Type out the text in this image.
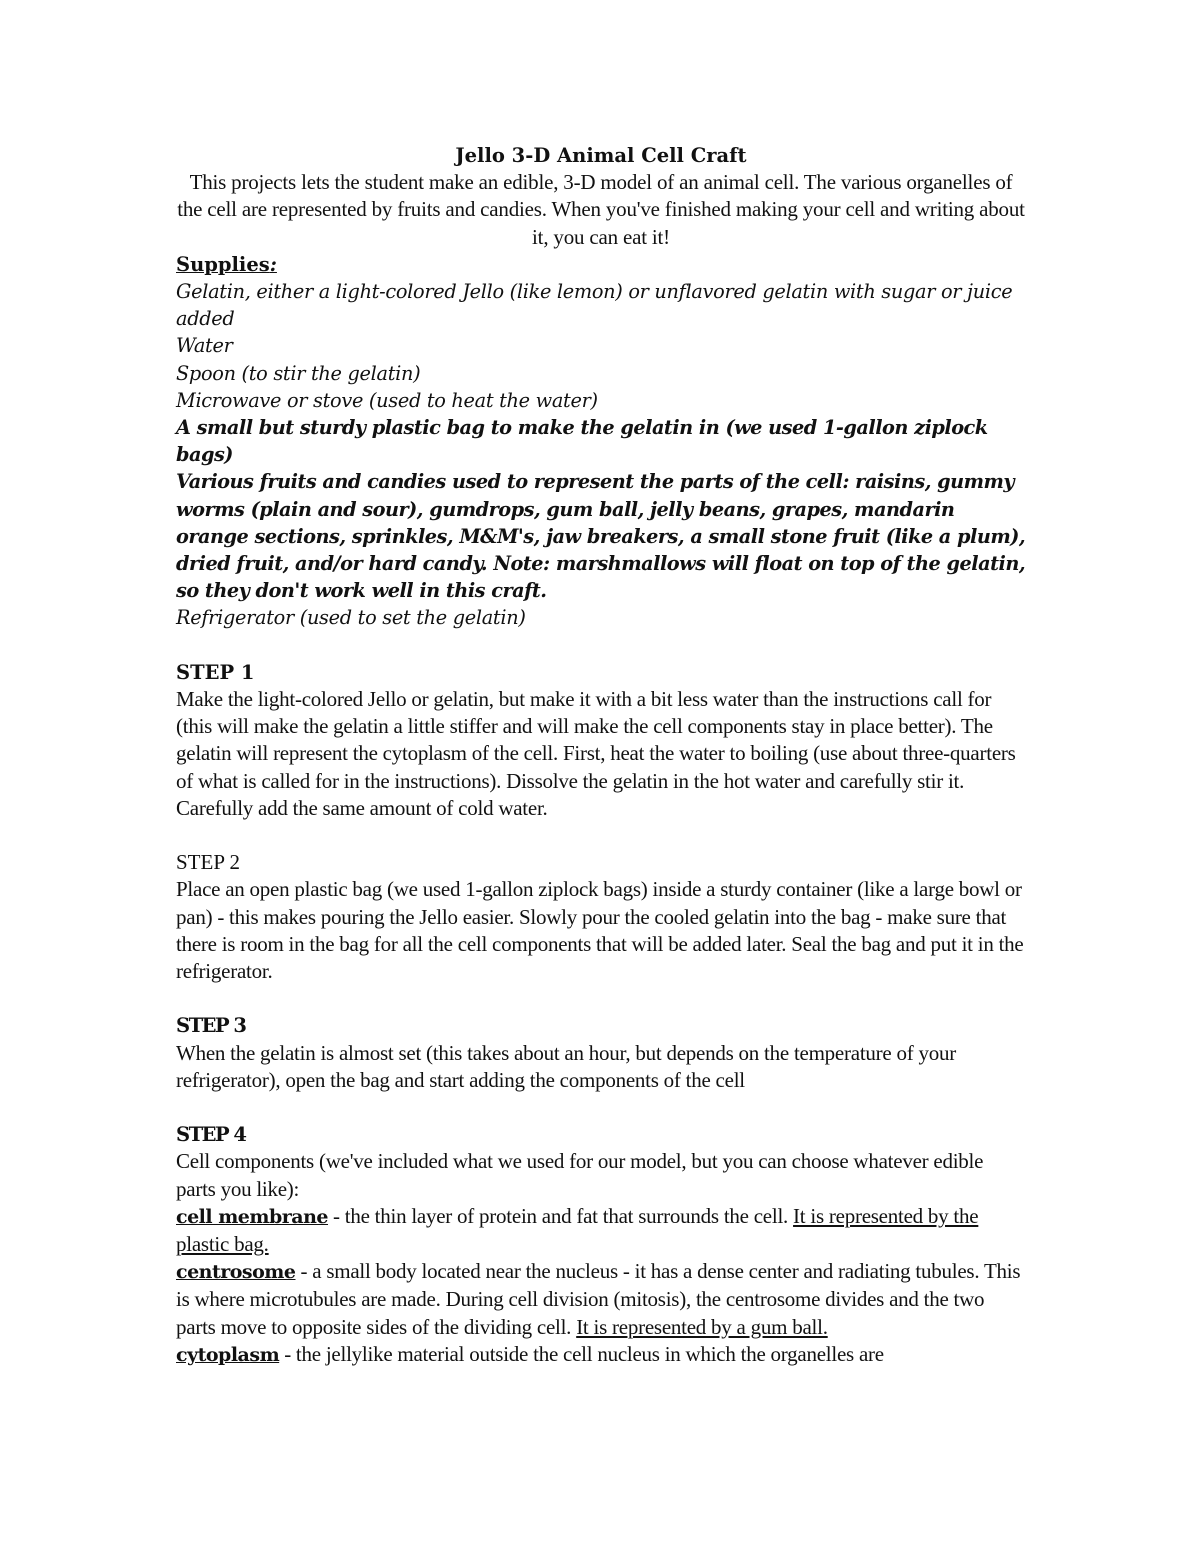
Jello 3-D Animal Cell Craft

This projects lets the student make an edible, 3-D model of an animal cell. The various organelles of the cell are represented by fruits and candies. When you've finished making your cell and writing about it, you can eat it!

Supplies:

Gelatin, either a light-colored Jello (like lemon) or unflavored gelatin with sugar or juice added
Water
Spoon (to stir the gelatin)
Microwave or stove (used to heat the water)
A small but sturdy plastic bag to make the gelatin in (we used 1-gallon ziplock bags)
Various fruits and candies used to represent the parts of the cell: raisins, gummy worms (plain and sour), gumdrops, gum ball, jelly beans, grapes, mandarin orange sections, sprinkles, M&M's, jaw breakers, a small stone fruit (like a plum), dried fruit, and/or hard candy. Note: marshmallows will float on top of the gelatin, so they don't work well in this craft.
Refrigerator (used to set the gelatin)

STEP 1

Make the light-colored Jello or gelatin, but make it with a bit less water than the instructions call for (this will make the gelatin a little stiffer and will make the cell components stay in place better). The gelatin will represent the cytoplasm of the cell. First, heat the water to boiling (use about three-quarters of what is called for in the instructions). Dissolve the gelatin in the hot water and carefully stir it. Carefully add the same amount of cold water.

STEP 2

Place an open plastic bag (we used 1-gallon ziplock bags) inside a sturdy container (like a large bowl or pan) - this makes pouring the Jello easier. Slowly pour the cooled gelatin into the bag - make sure that there is room in the bag for all the cell components that will be added later. Seal the bag and put it in the refrigerator.

STEP 3

When the gelatin is almost set (this takes about an hour, but depends on the temperature of your refrigerator), open the bag and start adding the components of the cell

STEP 4

Cell components (we've included what we used for our model, but you can choose whatever edible parts you like):

cell membrane - the thin layer of protein and fat that surrounds the cell. It is represented by the plastic bag.

centrosome - a small body located near the nucleus - it has a dense center and radiating tubules. This is where microtubules are made. During cell division (mitosis), the centrosome divides and the two parts move to opposite sides of the dividing cell. It is represented by a gum ball.

cytoplasm - the jellylike material outside the cell nucleus in which the organelles are
